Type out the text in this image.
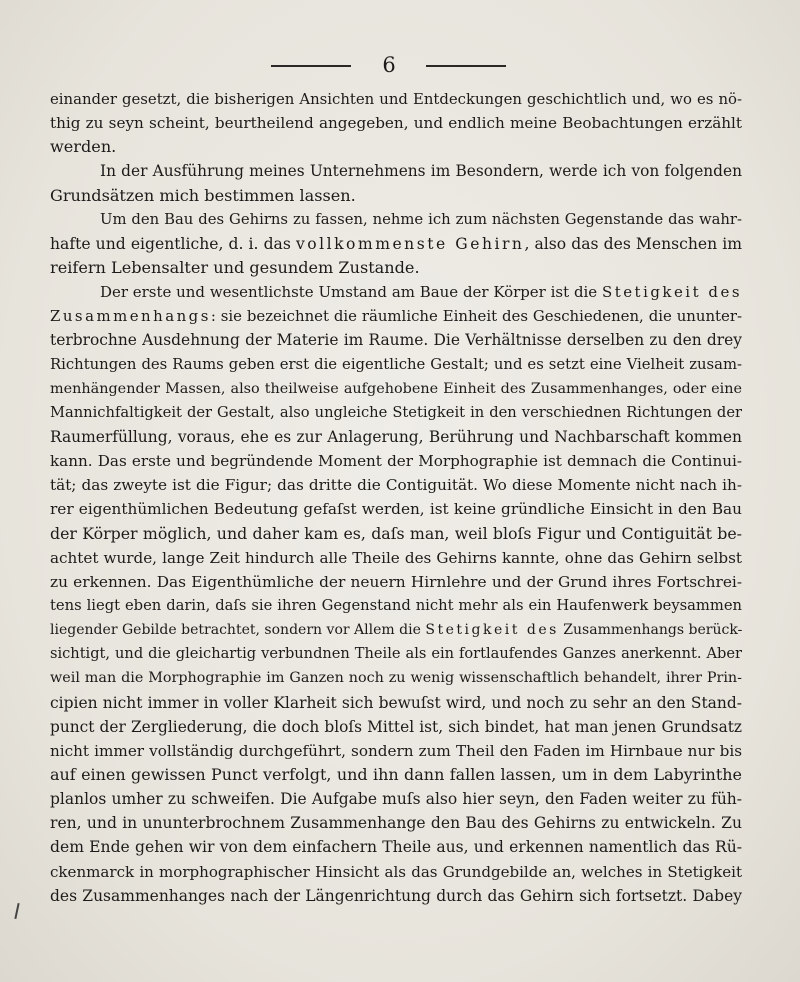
6
einander gesetzt, die bisherigen Ansichten und Entdeckungen geschichtlich und, wo es nö-
thig zu seyn scheint, beurtheilend angegeben, und endlich meine Beobachtungen erzählt
werden.
In der Ausführung meines Unternehmens im Besondern, werde ich von folgenden
Grundsätzen mich bestimmen lassen.
Um den Bau des Gehirns zu fassen, nehme ich zum nächsten Gegenstande das wahr-
hafte und eigentliche, d. i. das vollkommenste Gehirn, also das des Menschen im
reifern Lebensalter und gesundem Zustande.
Der erste und wesentlichste Umstand am Baue der Körper ist die Stetigkeit des
Zusammenhangs: sie bezeichnet die räumliche Einheit des Geschiedenen, die ununter-
terbrochne Ausdehnung der Materie im Raume. Die Verhältnisse derselben zu den drey
Richtungen des Raums geben erst die eigentliche Gestalt; und es setzt eine Vielheit zusam-
menhängender Massen, also theilweise aufgehobene Einheit des Zusammenhanges, oder eine
Mannichfaltigkeit der Gestalt, also ungleiche Stetigkeit in den verschiednen Richtungen der
Raumerfüllung, voraus, ehe es zur Anlagerung, Berührung und Nachbarschaft kommen
kann. Das erste und begründende Moment der Morphographie ist demnach die Continui-
tät; das zweyte ist die Figur; das dritte die Contiguität. Wo diese Momente nicht nach ih-
rer eigenthümlichen Bedeutung gefaſst werden, ist keine gründliche Einsicht in den Bau
der Körper möglich, und daher kam es, daſs man, weil bloſs Figur und Contiguität be-
achtet wurde, lange Zeit hindurch alle Theile des Gehirns kannte, ohne das Gehirn selbst
zu erkennen. Das Eigenthümliche der neuern Hirnlehre und der Grund ihres Fortschrei-
tens liegt eben darin, daſs sie ihren Gegenstand nicht mehr als ein Haufenwerk beysammen
liegender Gebilde betrachtet, sondern vor Allem die Stetigkeit des Zusammenhangs berück-
sichtigt, und die gleichartig verbundnen Theile als ein fortlaufendes Ganzes anerkennt. Aber
weil man die Morphographie im Ganzen noch zu wenig wissenschaftlich behandelt, ihrer Prin-
cipien nicht immer in voller Klarheit sich bewuſst wird, und noch zu sehr an den Stand-
punct der Zergliederung, die doch bloſs Mittel ist, sich bindet, hat man jenen Grundsatz
nicht immer vollständig durchgeführt, sondern zum Theil den Faden im Hirnbaue nur bis
auf einen gewissen Punct verfolgt, und ihn dann fallen lassen, um in dem Labyrinthe
planlos umher zu schweifen. Die Aufgabe muſs also hier seyn, den Faden weiter zu füh-
ren, und in ununterbrochnem Zusammenhange den Bau des Gehirns zu entwickeln. Zu
dem Ende gehen wir von dem einfachern Theile aus, und erkennen namentlich das Rü-
ckenmarck in morphographischer Hinsicht als das Grundgebilde an, welches in Stetigkeit
des Zusammenhanges nach der Längenrichtung durch das Gehirn sich fortsetzt. Dabey
